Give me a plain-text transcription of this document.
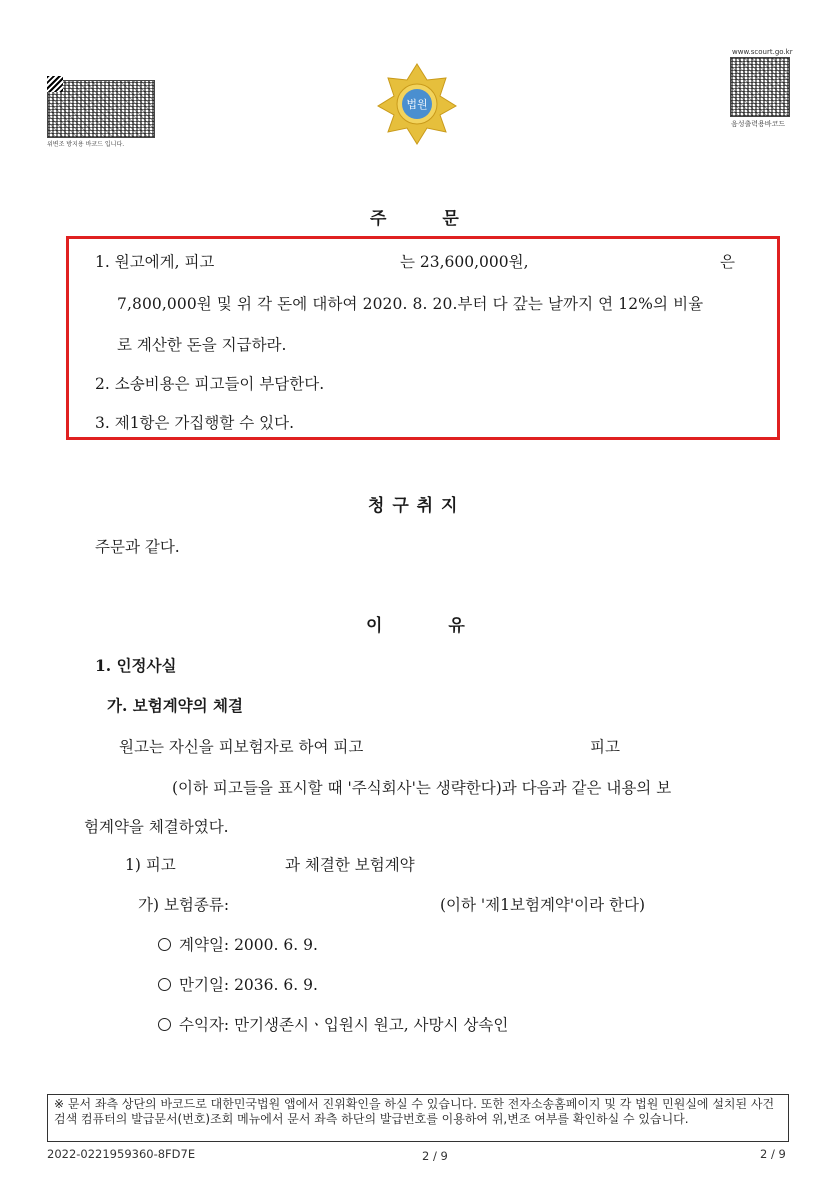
위변조 방지용 바코드 입니다.
법원
www.scourt.go.kr
음성출력용바코드
주 문
1. 원고에게, 피고	는 23,600,000원,	은
7,800,000원 및 위 각 돈에 대하여 2020. 8. 20.부터 다 갚는 날까지 연 12%의 비율
로 계산한 돈을 지급하라.
2. 소송비용은 피고들이 부담한다.
3. 제1항은 가집행할 수 있다.
청 구 취 지
주문과 같다.
이 유
1. 인정사실
가. 보험계약의 체결
원고는 자신을 피보험자로 하여 피고	피고
(이하 피고들을 표시할 때 '주식회사'는 생략한다)과 다음과 같은 내용의 보
험계약을 체결하였다.
1) 피고	과 체결한 보험계약
가) 보험종류:	(이하 '제1보험계약'이라 한다)
계약일: 2000. 6. 9.
만기일: 2036. 6. 9.
수익자: 만기생존시ㆍ입원시 원고, 사망시 상속인
※ 문서 좌측 상단의 바코드로 대한민국법원 앱에서 진위확인을 하실 수 있습니다. 또한 전자소송홈페이지 및 각 법원 민원실에 설치된 사건검색 컴퓨터의 발급문서(번호)조회 메뉴에서 문서 좌측 하단의 발급번호를 이용하여 위,변조 여부를 확인하실 수 있습니다.
2022-0221959360-8FD7E	2 / 9	2 / 9
